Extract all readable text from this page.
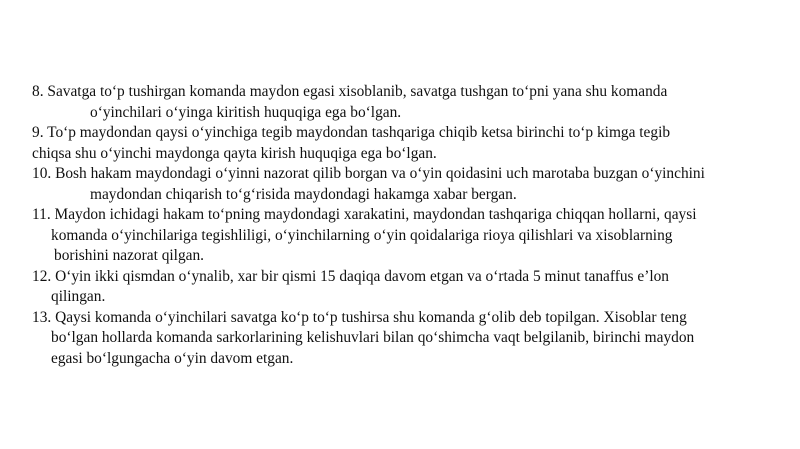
8. Savatga to‘p tushirgan komanda maydon egasi xisoblanib, savatga tushgan to‘pni yana shu komanda
o‘yinchilari o‘yinga kiritish huquqiga ega bo‘lgan.
9. To‘p maydondan qaysi o‘yinchiga tegib maydondan tashqariga chiqib ketsa birinchi to‘p kimga tegib
chiqsa shu o‘yinchi maydonga qayta kirish huquqiga ega bo‘lgan.
10. Bosh hakam maydondagi o‘yinni nazorat qilib borgan va o‘yin qoidasini uch marotaba buzgan o‘yinchini
maydondan chiqarish to‘g‘risida maydondagi hakamga xabar bergan.
11. Maydon ichidagi hakam to‘pning maydondagi xarakatini, maydondan tashqariga chiqqan hollarni, qaysi
komanda o‘yinchilariga tegishliligi, o‘yinchilarning o‘yin qoidalariga rioya qilishlari va xisoblarning
borishini nazorat qilgan.
12. O‘yin ikki qismdan o‘ynalib, xar bir qismi 15 daqiqa davom etgan va o‘rtada 5 minut tanaffus e’lon
qilingan.
13. Qaysi komanda o‘yinchilari savatga ko‘p to‘p tushirsa shu komanda g‘olib deb topilgan. Xisoblar teng
bo‘lgan hollarda komanda sarkorlarining kelishuvlari bilan qo‘shimcha vaqt belgilanib, birinchi maydon
egasi bo‘lgungacha o‘yin davom etgan.
